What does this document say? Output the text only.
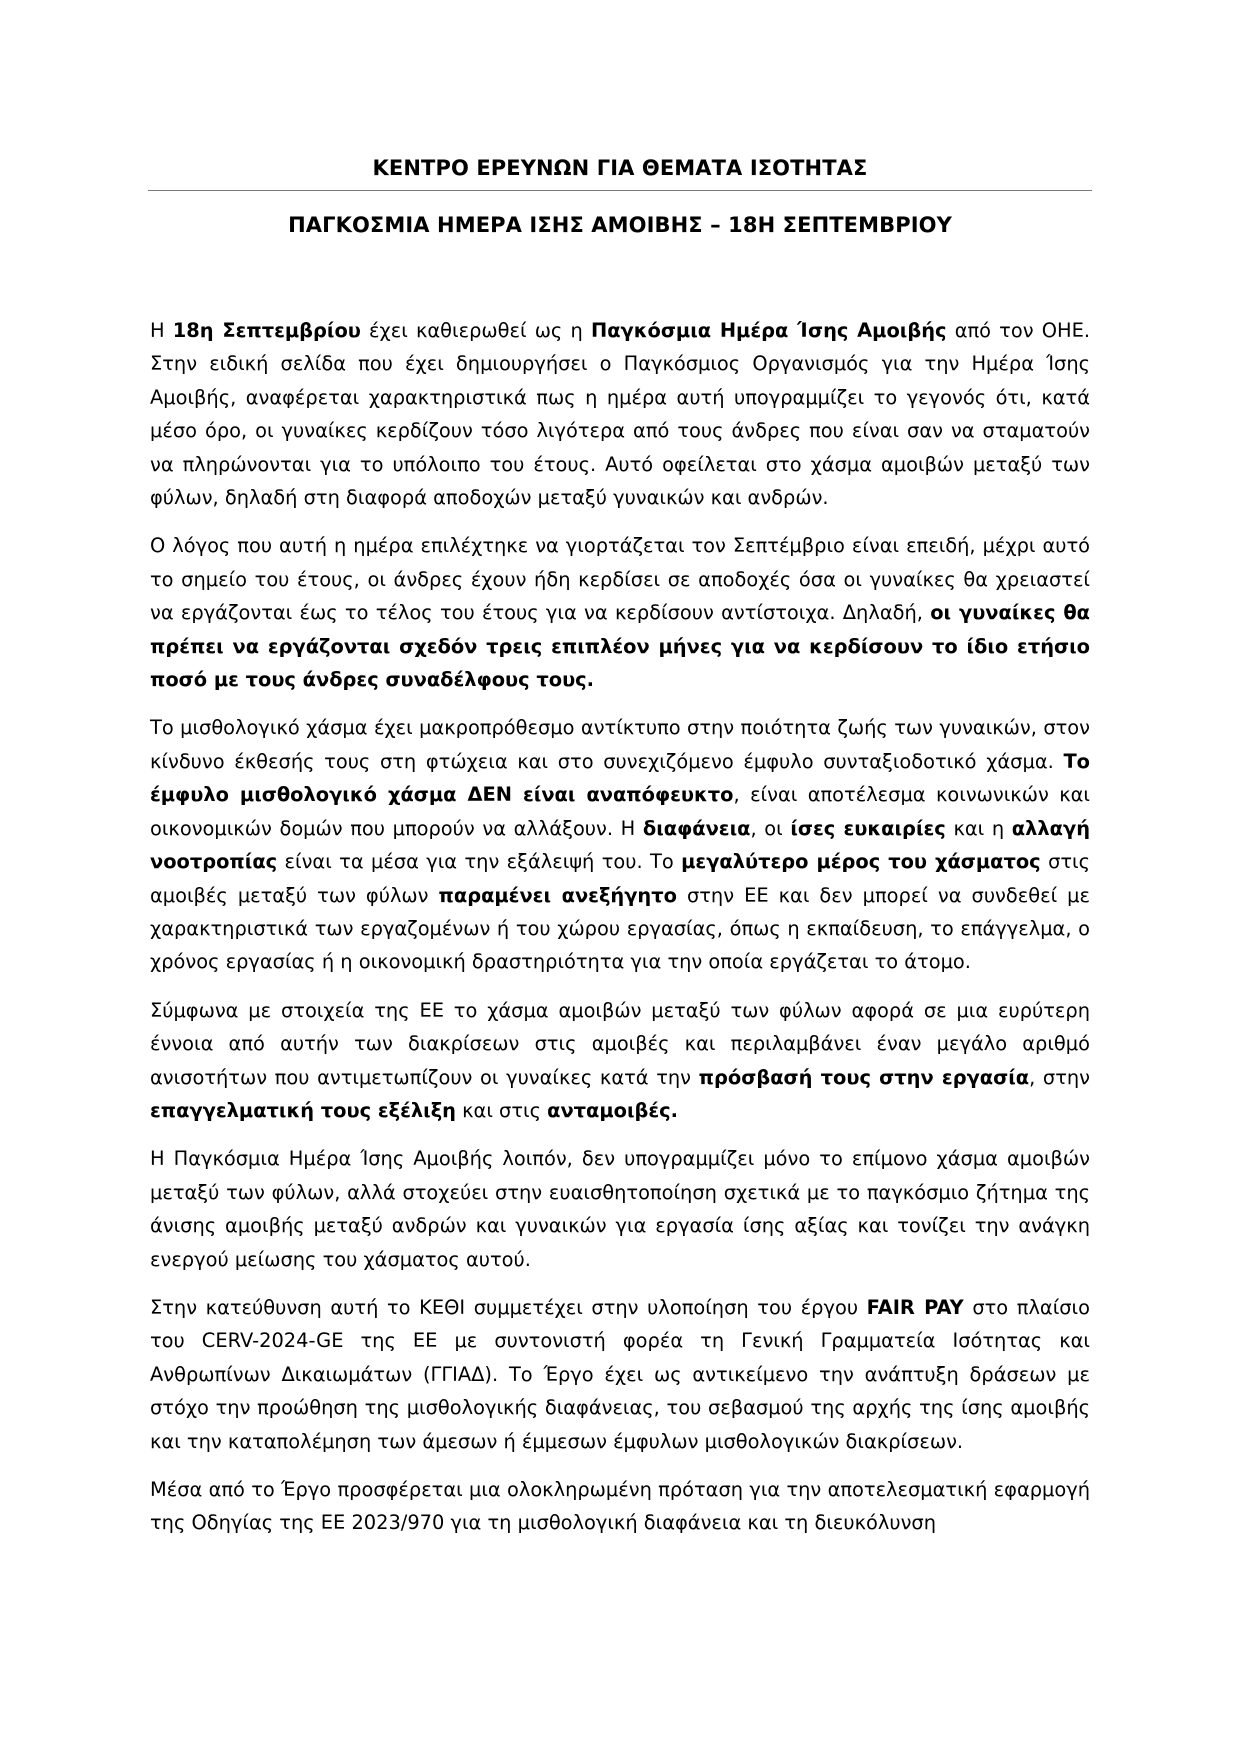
ΚΕΝΤΡΟ ΕΡΕΥΝΩΝ ΓΙΑ ΘΕΜΑΤΑ ΙΣΟΤΗΤΑΣ
ΠΑΓΚΟΣΜΙΑ ΗΜΕΡΑ ΙΣΗΣ ΑΜΟΙΒΗΣ – 18Η ΣΕΠΤΕΜΒΡΙΟΥ

Η 18η Σεπτεμβρίου έχει καθιερωθεί ως η Παγκόσμια Ημέρα Ίσης Αμοιβής από τον ΟΗΕ. Στην ειδική σελίδα που έχει δημιουργήσει ο Παγκόσμιος Οργανισμός για την Ημέρα Ίσης Αμοιβής, αναφέρεται χαρακτηριστικά πως η ημέρα αυτή υπογραμμίζει το γεγονός ότι, κατά μέσο όρο, οι γυναίκες κερδίζουν τόσο λιγότερα από τους άνδρες που είναι σαν να σταματούν να πληρώνονται για το υπόλοιπο του έτους. Αυτό οφείλεται στο χάσμα αμοιβών μεταξύ των φύλων, δηλαδή στη διαφορά αποδοχών μεταξύ γυναικών και ανδρών.

Ο λόγος που αυτή η ημέρα επιλέχτηκε να γιορτάζεται τον Σεπτέμβριο είναι επειδή, μέχρι αυτό το σημείο του έτους, οι άνδρες έχουν ήδη κερδίσει σε αποδοχές όσα οι γυναίκες θα χρειαστεί να εργάζονται έως το τέλος του έτους για να κερδίσουν αντίστοιχα. Δηλαδή, οι γυναίκες θα πρέπει να εργάζονται σχεδόν τρεις επιπλέον μήνες για να κερδίσουν το ίδιο ετήσιο ποσό με τους άνδρες συναδέλφους τους.

Το μισθολογικό χάσμα έχει μακροπρόθεσμο αντίκτυπο στην ποιότητα ζωής των γυναικών, στον κίνδυνο έκθεσής τους στη φτώχεια και στο συνεχιζόμενο έμφυλο συνταξιοδοτικό χάσμα. Το έμφυλο μισθολογικό χάσμα ΔΕΝ είναι αναπόφευκτο, είναι αποτέλεσμα κοινωνικών και οικονομικών δομών που μπορούν να αλλάξουν. Η διαφάνεια, οι ίσες ευκαιρίες και η αλλαγή νοοτροπίας είναι τα μέσα για την εξάλειψή του. Το μεγαλύτερο μέρος του χάσματος στις αμοιβές μεταξύ των φύλων παραμένει ανεξήγητο στην ΕΕ και δεν μπορεί να συνδεθεί με χαρακτηριστικά των εργαζομένων ή του χώρου εργασίας, όπως η εκπαίδευση, το επάγγελμα, ο χρόνος εργασίας ή η οικονομική δραστηριότητα για την οποία εργάζεται το άτομο.

Σύμφωνα με στοιχεία της ΕΕ το χάσμα αμοιβών μεταξύ των φύλων αφορά σε μια ευρύτερη έννοια από αυτήν των διακρίσεων στις αμοιβές και περιλαμβάνει έναν μεγάλο αριθμό ανισοτήτων που αντιμετωπίζουν οι γυναίκες κατά την πρόσβασή τους στην εργασία, στην επαγγελματική τους εξέλιξη και στις ανταμοιβές.

Η Παγκόσμια Ημέρα Ίσης Αμοιβής λοιπόν, δεν υπογραμμίζει μόνο το επίμονο χάσμα αμοιβών μεταξύ των φύλων, αλλά στοχεύει στην ευαισθητοποίηση σχετικά με το παγκόσμιο ζήτημα της άνισης αμοιβής μεταξύ ανδρών και γυναικών για εργασία ίσης αξίας και τονίζει την ανάγκη ενεργού μείωσης του χάσματος αυτού.

Στην κατεύθυνση αυτή το ΚΕΘΙ συμμετέχει στην υλοποίηση του έργου FAIR PAY στο πλαίσιο του CERV-2024-GE της ΕΕ με συντονιστή φορέα τη Γενική Γραμματεία Ισότητας και Ανθρωπίνων Δικαιωμάτων (ΓΓΙΑΔ). Το Έργο έχει ως αντικείμενο την ανάπτυξη δράσεων με στόχο την προώθηση της μισθολογικής διαφάνειας, του σεβασμού της αρχής της ίσης αμοιβής και την καταπολέμηση των άμεσων ή έμμεσων έμφυλων μισθολογικών διακρίσεων.

Μέσα από το Έργο προσφέρεται μια ολοκληρωμένη πρόταση για την αποτελεσματική εφαρμογή της Οδηγίας της ΕΕ 2023/970 για τη μισθολογική διαφάνεια και τη διευκόλυνση
